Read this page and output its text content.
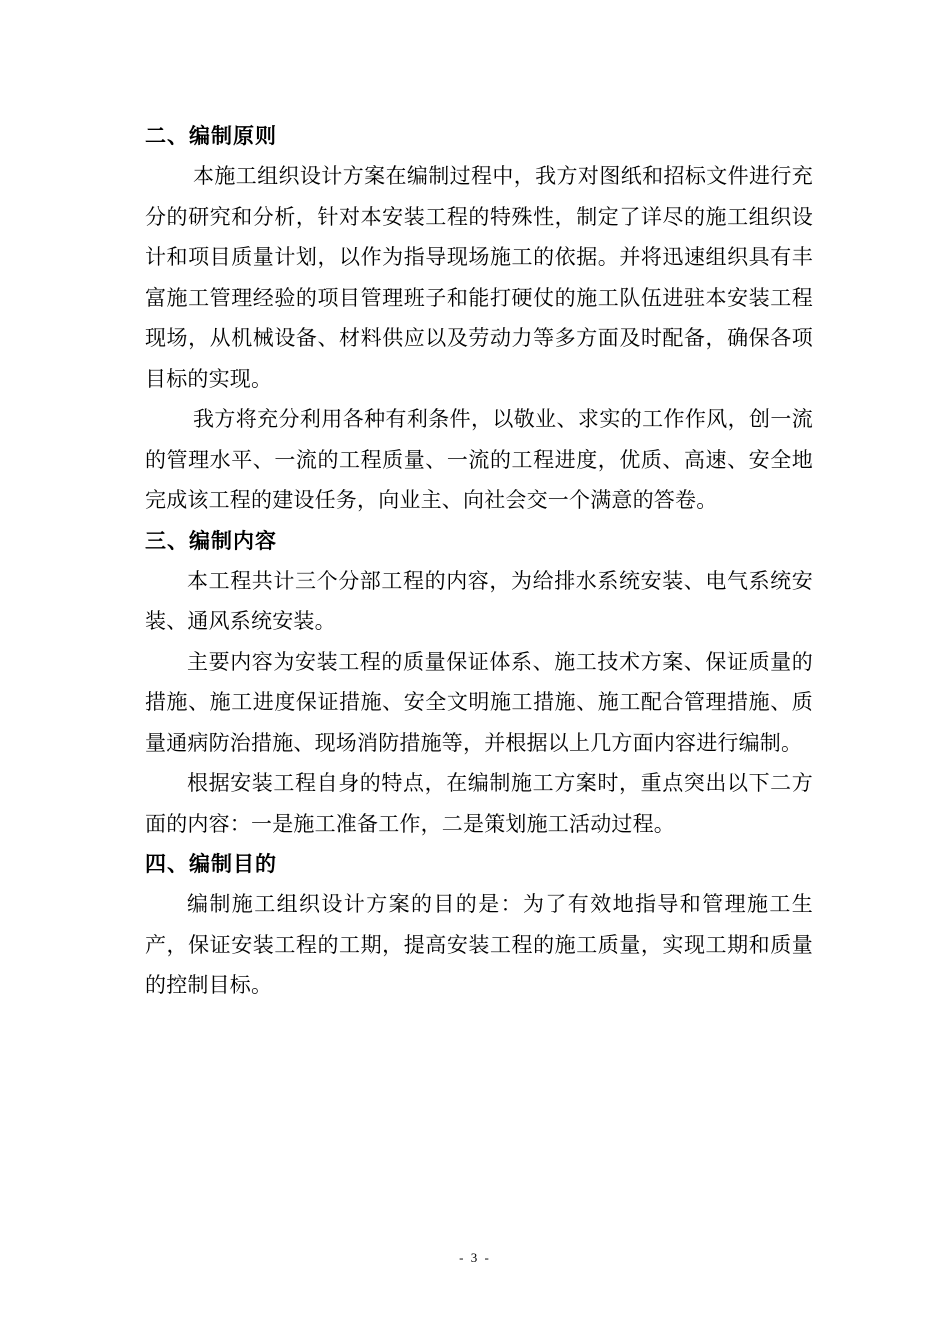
二、编制原则

本施工组织设计方案在编制过程中，我方对图纸和招标文件进行充分的研究和分析，针对本安装工程的特殊性，制定了详尽的施工组织设计和项目质量计划，以作为指导现场施工的依据。并将迅速组织具有丰富施工管理经验的项目管理班子和能打硬仗的施工队伍进驻本安装工程现场，从机械设备、材料供应以及劳动力等多方面及时配备，确保各项目标的实现。

我方将充分利用各种有利条件，以敬业、求实的工作作风，创一流的管理水平、一流的工程质量、一流的工程进度，优质、高速、安全地完成该工程的建设任务，向业主、向社会交一个满意的答卷。

三、编制内容

本工程共计三个分部工程的内容，为给排水系统安装、电气系统安装、通风系统安装。

主要内容为安装工程的质量保证体系、施工技术方案、保证质量的措施、施工进度保证措施、安全文明施工措施、施工配合管理措施、质量通病防治措施、现场消防措施等，并根据以上几方面内容进行编制。

根据安装工程自身的特点，在编制施工方案时，重点突出以下二方面的内容：一是施工准备工作，二是策划施工活动过程。

四、编制目的

编制施工组织设计方案的目的是：为了有效地指导和管理施工生产，保证安装工程的工期，提高安装工程的施工质量，实现工期和质量的控制目标。

- 3 -
